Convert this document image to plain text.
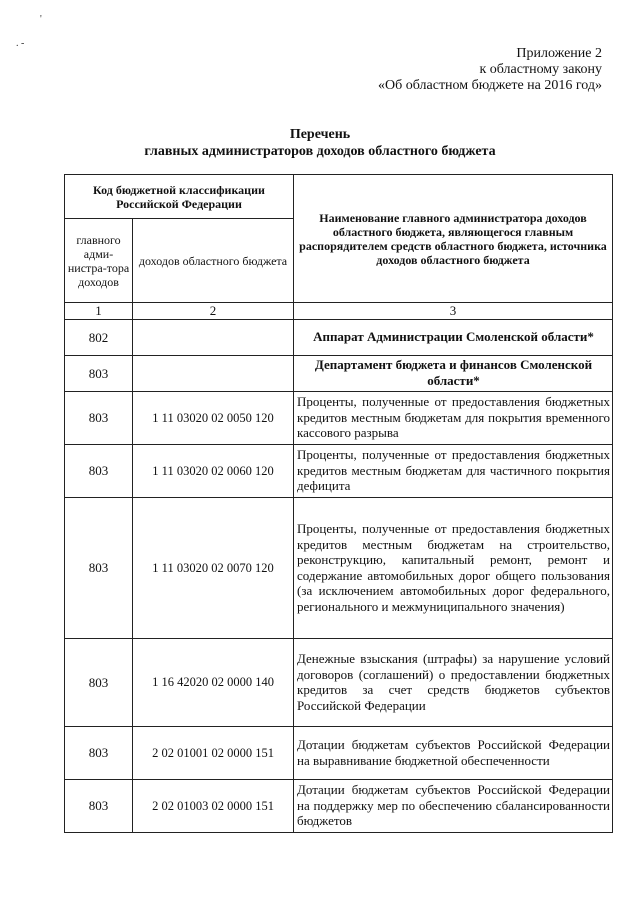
'
. -
Приложение 2
к областному закону
«Об областном бюджете на 2016 год»
Перечень
главных администраторов доходов областного бюджета
Код бюджетной классификации Российской Федерации		Наименование главного администратора доходов областного бюджета, являющегося главным распорядителем средств областного бюджета, источника доходов областного бюджета
главного адми-нистра-тора доходов	доходов областного бюджета	
1	2	3
802		Аппарат Администрации Смоленской области*
803		Департамент бюджета и финансов Смоленской области*
803	1 11 03020 02 0050 120	Проценты, полученные от предоставления бюджетных кредитов местным бюджетам для покрытия временного кассового разрыва
803	1 11 03020 02 0060 120	Проценты, полученные от предоставления бюджетных кредитов местным бюджетам для частичного покрытия дефицита
803	1 11 03020 02 0070 120	Проценты, полученные от предоставления бюджетных кредитов местным бюджетам на строительство, реконструкцию, капитальный ремонт, ремонт и содержание автомобильных дорог общего пользования (за исключением автомобильных дорог федерального, регионального и межмуниципального значения)
803	1 16 42020 02 0000 140	Денежные взыскания (штрафы) за нарушение условий договоров (соглашений) о предоставлении бюджетных кредитов за счет средств бюджетов субъектов Российской Федерации
803	2 02 01001 02 0000 151	Дотации бюджетам субъектов Российской Федерации на выравнивание бюджетной обеспеченности
803	2 02 01003 02 0000 151	Дотации бюджетам субъектов Российской Федерации на поддержку мер по обеспечению сбалансированности бюджетов
